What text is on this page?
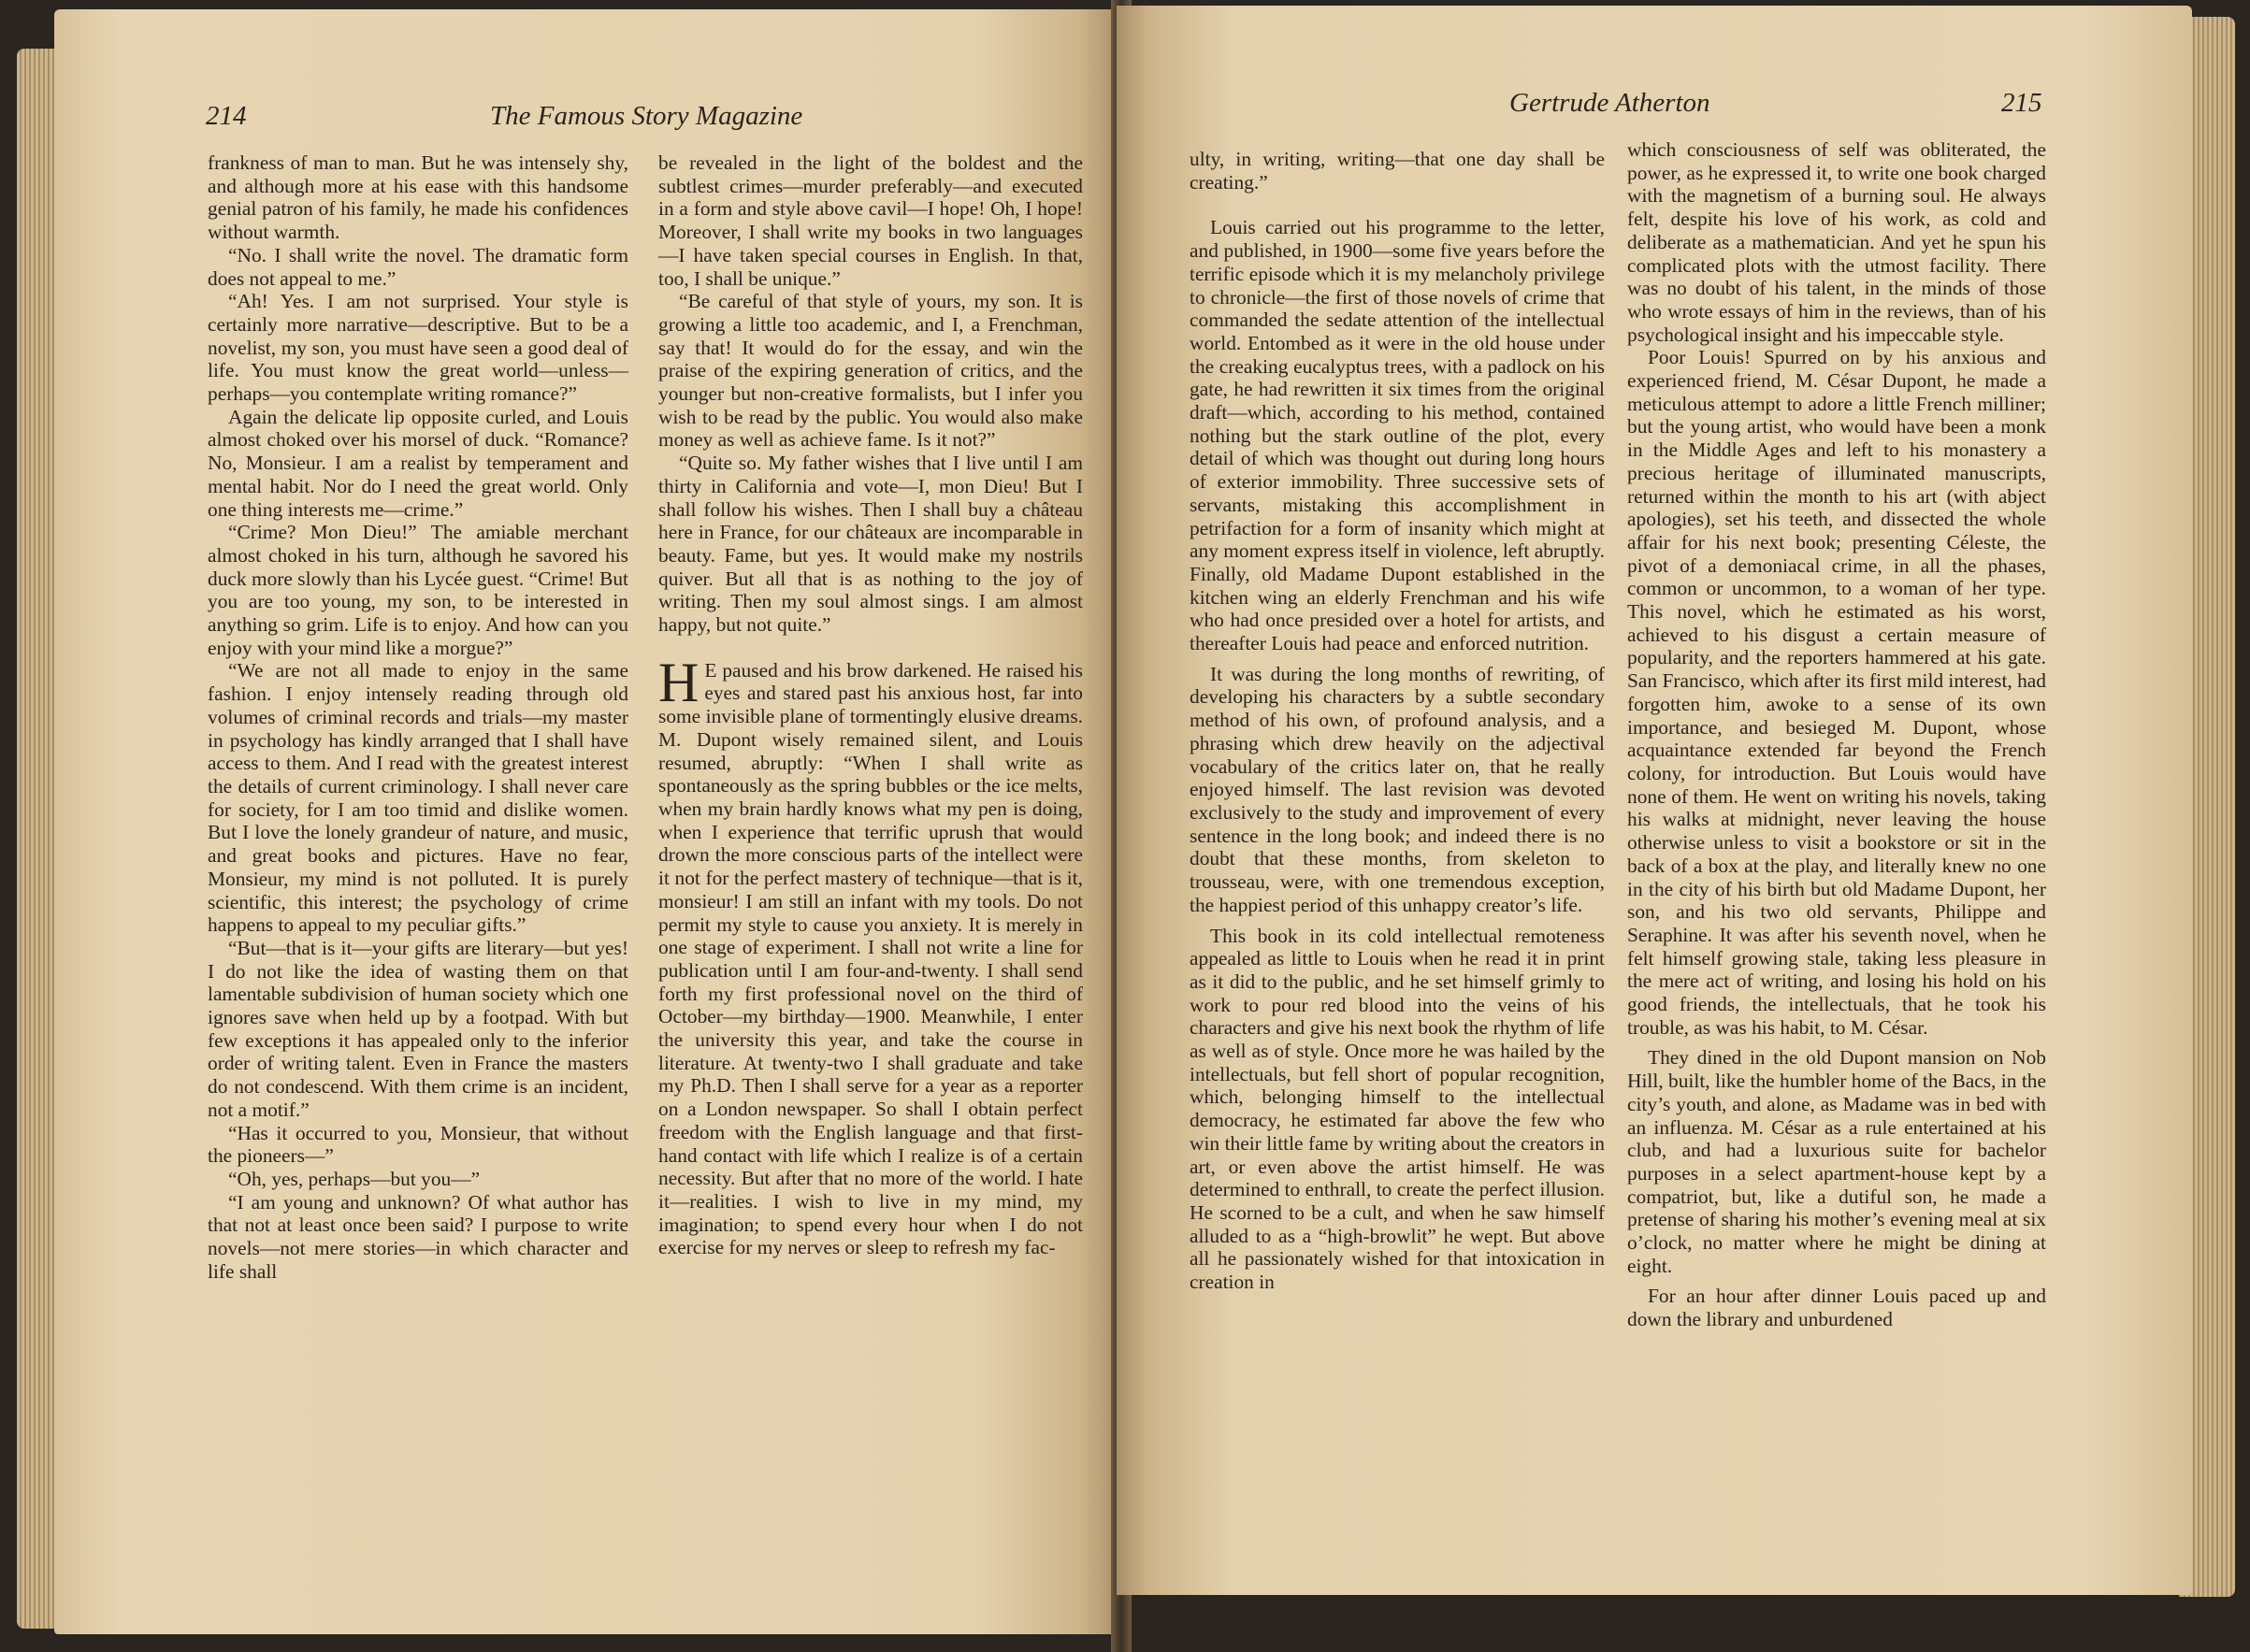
214	The Famous Story Magazine

frankness of man to man. But he was intensely shy, and although more at his ease with this handsome genial patron of his family, he made his confidences without warmth.

“No. I shall write the novel. The dramatic form does not appeal to me.”

“Ah! Yes. I am not surprised. Your style is certainly more narrative—descriptive. But to be a novelist, my son, you must have seen a good deal of life. You must know the great world—unless—perhaps—you contemplate writing romance?”

Again the delicate lip opposite curled, and Louis almost choked over his morsel of duck. “Romance? No, Monsieur. I am a realist by temperament and mental habit. Nor do I need the great world. Only one thing interests me—crime.”

“Crime? Mon Dieu!” The amiable merchant almost choked in his turn, although he savored his duck more slowly than his Lycée guest. “Crime! But you are too young, my son, to be interested in anything so grim. Life is to enjoy. And how can you enjoy with your mind like a morgue?”

“We are not all made to enjoy in the same fashion. I enjoy intensely reading through old volumes of criminal records and trials—my master in psychology has kindly arranged that I shall have access to them. And I read with the greatest interest the details of current criminology. I shall never care for society, for I am too timid and dislike women. But I love the lonely grandeur of nature, and music, and great books and pictures. Have no fear, Monsieur, my mind is not polluted. It is purely scientific, this interest; the psychology of crime happens to appeal to my peculiar gifts.”

“But—that is it—your gifts are literary—but yes! I do not like the idea of wasting them on that lamentable subdivision of human society which one ignores save when held up by a footpad. With but few exceptions it has appealed only to the inferior order of writing talent. Even in France the masters do not condescend. With them crime is an incident, not a motif.”

“Has it occurred to you, Monsieur, that without the pioneers—”

“Oh, yes, perhaps—but you—”

“I am young and unknown? Of what author has that not at least once been said? I purpose to write novels—not mere stories—in which character and life shall

be revealed in the light of the boldest and the subtlest crimes—murder preferably—and executed in a form and style above cavil—I hope! Oh, I hope! Moreover, I shall write my books in two languages—I have taken special courses in English. In that, too, I shall be unique.”

“Be careful of that style of yours, my son. It is growing a little too academic, and I, a Frenchman, say that! It would do for the essay, and win the praise of the expiring generation of critics, and the younger but non-creative formalists, but I infer you wish to be read by the public. You would also make money as well as achieve fame. Is it not?”

“Quite so. My father wishes that I live until I am thirty in California and vote—I, mon Dieu! But I shall follow his wishes. Then I shall buy a château here in France, for our châteaux are incomparable in beauty. Fame, but yes. It would make my nostrils quiver. But all that is as nothing to the joy of writing. Then my soul almost sings. I am almost happy, but not quite.”

H E paused and his brow darkened. He raised his eyes and stared past his anxious host, far into some invisible plane of tormentingly elusive dreams. M. Dupont wisely remained silent, and Louis resumed, abruptly: “When I shall write as spontaneously as the spring bubbles or the ice melts, when my brain hardly knows what my pen is doing, when I experience that terrific uprush that would drown the more conscious parts of the intellect were it not for the perfect mastery of technique—that is it, monsieur! I am still an infant with my tools. Do not permit my style to cause you anxiety. It is merely in one stage of experiment. I shall not write a line for publication until I am four-and-twenty. I shall send forth my first professional novel on the third of October—my birthday—1900. Meanwhile, I enter the university this year, and take the course in literature. At twenty-two I shall graduate and take my Ph.D. Then I shall serve for a year as a reporter on a London newspaper. So shall I obtain perfect freedom with the English language and that first-hand contact with life which I realize is of a certain necessity. But after that no more of the world. I hate it—realities. I wish to live in my mind, my imagination; to spend every hour when I do not exercise for my nerves or sleep to refresh my fac-

Gertrude Atherton	215

ulty, in writing, writing—that one day shall be creating.”

Louis carried out his programme to the letter, and published, in 1900—some five years before the terrific episode which it is my melancholy privilege to chronicle—the first of those novels of crime that commanded the sedate attention of the intellectual world. Entombed as it were in the old house under the creaking eucalyptus trees, with a padlock on his gate, he had rewritten it six times from the original draft—which, according to his method, contained nothing but the stark outline of the plot, every detail of which was thought out during long hours of exterior immobility. Three successive sets of servants, mistaking this accomplishment in petrifaction for a form of insanity which might at any moment express itself in violence, left abruptly. Finally, old Madame Dupont established in the kitchen wing an elderly Frenchman and his wife who had once presided over a hotel for artists, and thereafter Louis had peace and enforced nutrition.

It was during the long months of rewriting, of developing his characters by a subtle secondary method of his own, of profound analysis, and a phrasing which drew heavily on the adjectival vocabulary of the critics later on, that he really enjoyed himself. The last revision was devoted exclusively to the study and improvement of every sentence in the long book; and indeed there is no doubt that these months, from skeleton to trousseau, were, with one tremendous exception, the happiest period of this unhappy creator’s life.

This book in its cold intellectual remoteness appealed as little to Louis when he read it in print as it did to the public, and he set himself grimly to work to pour red blood into the veins of his characters and give his next book the rhythm of life as well as of style. Once more he was hailed by the intellectuals, but fell short of popular recognition, which, belonging himself to the intellectual democracy, he estimated far above the few who win their little fame by writing about the creators in art, or even above the artist himself. He was determined to enthrall, to create the perfect illusion. He scorned to be a cult, and when he saw himself alluded to as a “high-browlit” he wept. But above all he passionately wished for that intoxication in creation in

which consciousness of self was obliterated, the power, as he expressed it, to write one book charged with the magnetism of a burning soul. He always felt, despite his love of his work, as cold and deliberate as a mathematician. And yet he spun his complicated plots with the utmost facility. There was no doubt of his talent, in the minds of those who wrote essays of him in the reviews, than of his psychological insight and his impeccable style.

Poor Louis! Spurred on by his anxious and experienced friend, M. César Dupont, he made a meticulous attempt to adore a little French milliner; but the young artist, who would have been a monk in the Middle Ages and left to his monastery a precious heritage of illuminated manuscripts, returned within the month to his art (with abject apologies), set his teeth, and dissected the whole affair for his next book; presenting Céleste, the pivot of a demoniacal crime, in all the phases, common or uncommon, to a woman of her type. This novel, which he estimated as his worst, achieved to his disgust a certain measure of popularity, and the reporters hammered at his gate. San Francisco, which after its first mild interest, had forgotten him, awoke to a sense of its own importance, and besieged M. Dupont, whose acquaintance extended far beyond the French colony, for introduction. But Louis would have none of them. He went on writing his novels, taking his walks at midnight, never leaving the house otherwise unless to visit a bookstore or sit in the back of a box at the play, and literally knew no one in the city of his birth but old Madame Dupont, her son, and his two old servants, Philippe and Seraphine. It was after his seventh novel, when he felt himself growing stale, taking less pleasure in the mere act of writing, and losing his hold on his good friends, the intellectuals, that he took his trouble, as was his habit, to M. César.

They dined in the old Dupont mansion on Nob Hill, built, like the humbler home of the Bacs, in the city’s youth, and alone, as Madame was in bed with an influenza. M. César as a rule entertained at his club, and had a luxurious suite for bachelor purposes in a select apartment-house kept by a compatriot, but, like a dutiful son, he made a pretense of sharing his mother’s evening meal at six o’clock, no matter where he might be dining at eight.

For an hour after dinner Louis paced up and down the library and unburdened
